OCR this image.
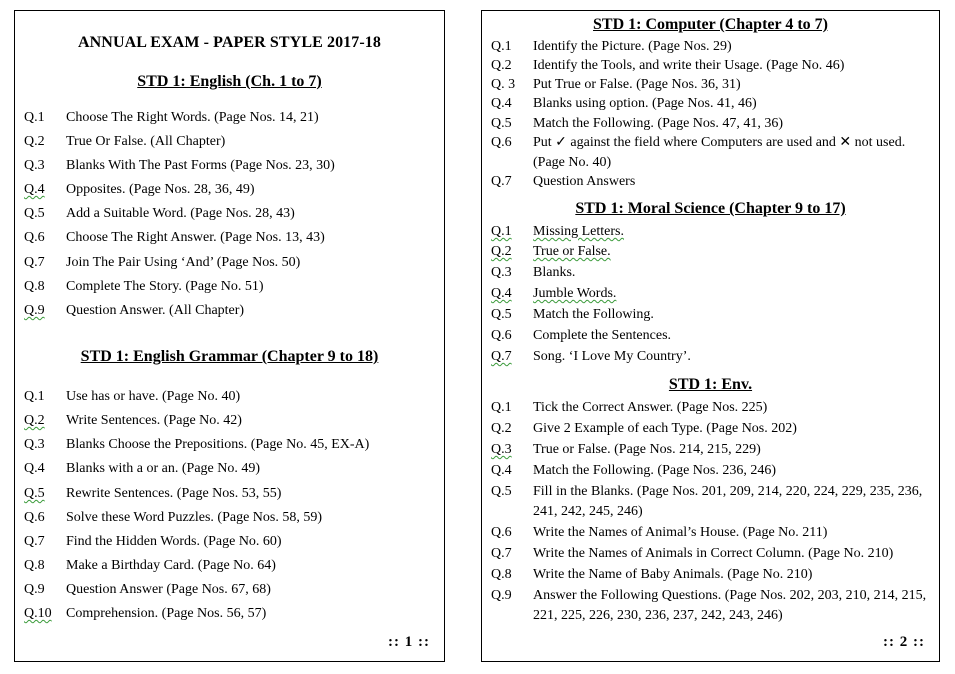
ANNUAL EXAM - PAPER STYLE 2017-18
STD 1: English (Ch. 1 to 7)
Q.1	Choose The Right Words. (Page Nos. 14, 21)
Q.2	True Or False. (All Chapter)
Q.3	Blanks With The Past Forms (Page Nos. 23, 30)
Q.4	Opposites. (Page Nos. 28, 36, 49)
Q.5	Add a Suitable Word. (Page Nos. 28, 43)
Q.6	Choose The Right Answer. (Page Nos. 13, 43)
Q.7	Join The Pair Using ‘And’ (Page Nos. 50)
Q.8	Complete The Story. (Page No. 51)
Q.9	Question Answer. (All Chapter)
STD 1: English Grammar (Chapter 9 to 18)
Q.1	Use has or have. (Page No. 40)
Q.2	Write Sentences. (Page No. 42)
Q.3	Blanks Choose the Prepositions. (Page No. 45, EX-A)
Q.4	Blanks with a or an. (Page No. 49)
Q.5	Rewrite Sentences. (Page Nos. 53, 55)
Q.6	Solve these Word Puzzles. (Page Nos. 58, 59)
Q.7	Find the Hidden Words. (Page No. 60)
Q.8	Make a Birthday Card. (Page No. 64)
Q.9	Question Answer (Page Nos. 67, 68)
Q.10	Comprehension. (Page Nos. 56, 57)
:: 1 ::
STD 1: Computer (Chapter 4 to 7)
Q.1	Identify the Picture. (Page Nos. 29)
Q.2	Identify the Tools, and write their Usage. (Page No. 46)
Q. 3	Put True or False. (Page Nos. 36, 31)
Q.4	Blanks using option. (Page Nos. 41, 46)
Q.5	Match the Following. (Page Nos. 47, 41, 36)
Q.6	Put ✓ against the field where Computers are used and ✕ not used. (Page No. 40)
Q.7	Question Answers
STD 1: Moral Science (Chapter 9 to 17)
Q.1	Missing Letters.
Q.2	True or False.
Q.3	Blanks.
Q.4	Jumble Words.
Q.5	Match the Following.
Q.6	Complete the Sentences.
Q.7	Song. ‘I Love My Country’.
STD 1: Env.
Q.1	Tick the Correct Answer. (Page Nos. 225)
Q.2	Give 2 Example of each Type. (Page Nos. 202)
Q.3	True or False. (Page Nos. 214, 215, 229)
Q.4	Match the Following. (Page Nos. 236, 246)
Q.5	Fill in the Blanks. (Page Nos. 201, 209, 214, 220, 224, 229, 235, 236, 241, 242, 245, 246)
Q.6	Write the Names of Animal’s House. (Page No. 211)
Q.7	Write the Names of Animals in Correct Column. (Page No. 210)
Q.8	Write the Name of Baby Animals. (Page No. 210)
Q.9	Answer the Following Questions. (Page Nos. 202, 203, 210, 214, 215, 221, 225, 226, 230, 236, 237, 242, 243, 246)
:: 2 ::
